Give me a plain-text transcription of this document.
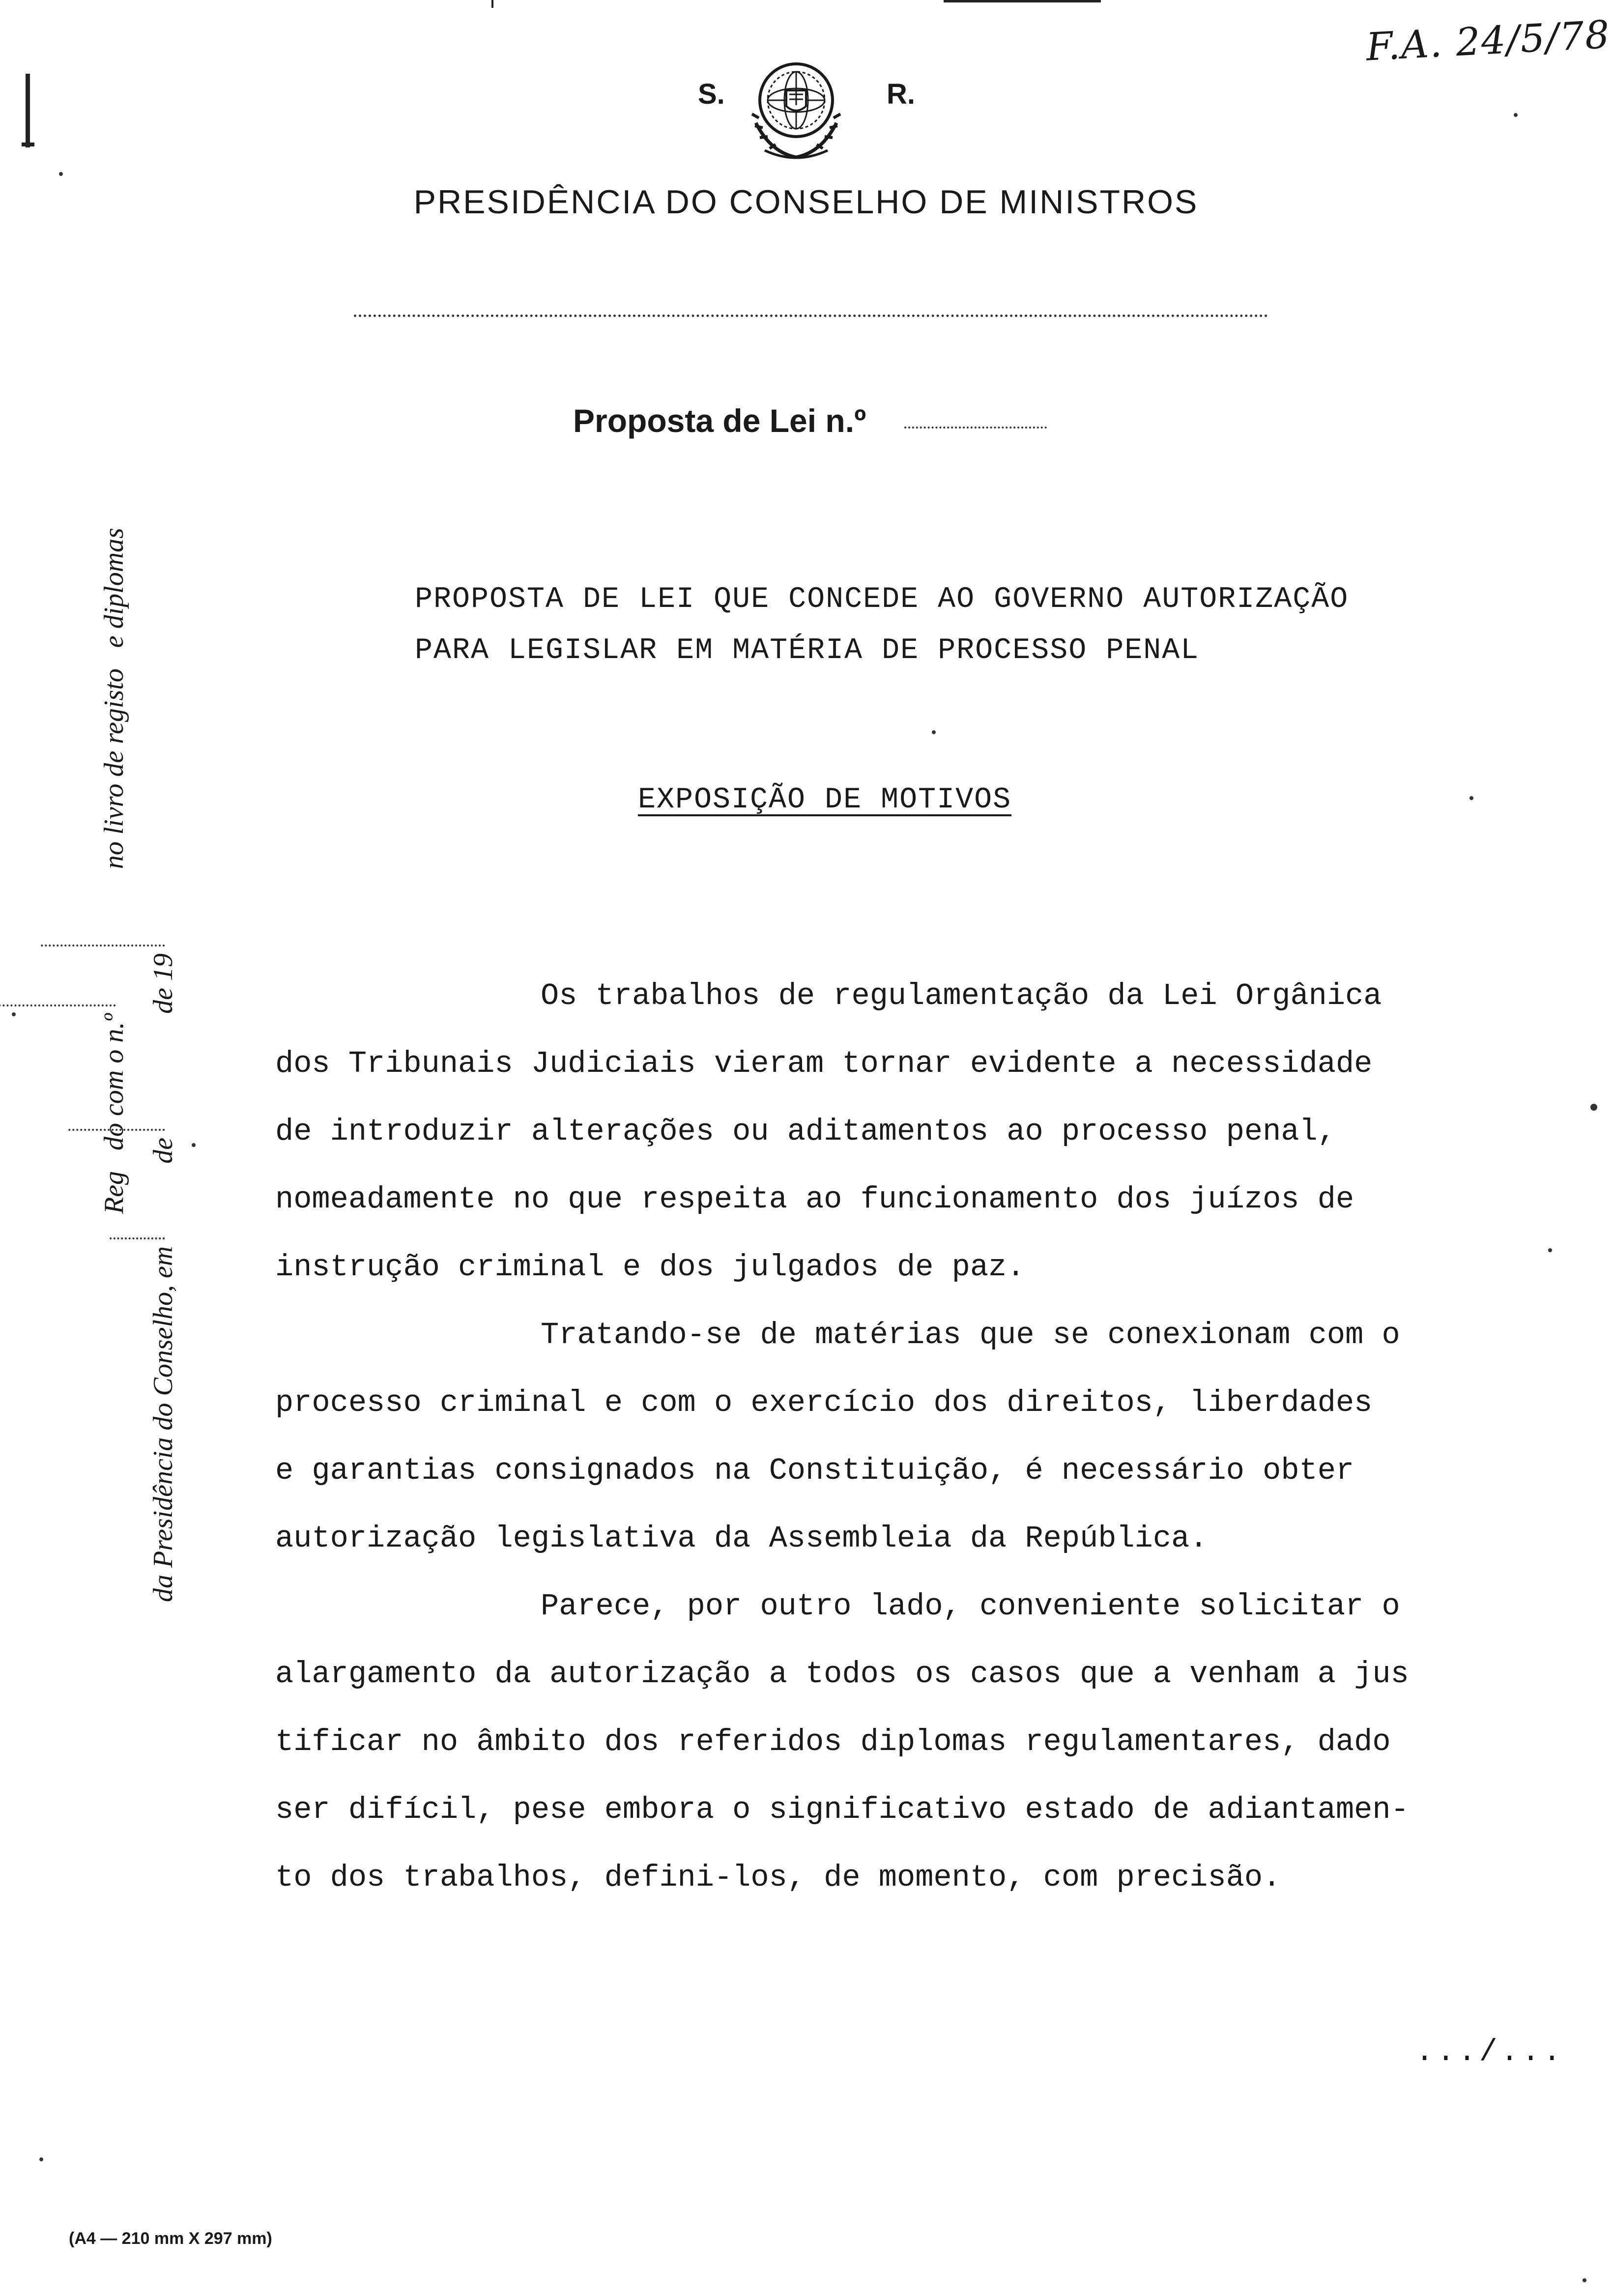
F.A. 24/5/78
S.	R.
PRESIDÊNCIA DO CONSELHO DE MINISTROS
Proposta de Lei n.º
PROPOSTA DE LEI QUE CONCEDE AO GOVERNO AUTORIZAÇÃO
PARA LEGISLAR EM MATÉRIA DE PROCESSO PENAL
EXPOSIÇÃO DE MOTIVOS
Os trabalhos de regulamentação da Lei Orgânica
dos Tribunais Judiciais vieram tornar evidente a necessidade
de introduzir alterações ou aditamentos ao processo penal,
nomeadamente no que respeita ao funcionamento dos juízos de
instrução criminal e dos julgados de paz.
Tratando-se de matérias que se conexionam com o
processo criminal e com o exercício dos direitos, liberdades
e garantias consignados na Constituição, é necessário obter
autorização legislativa da Assembleia da República.
Parece, por outro lado, conveniente solicitar o
alargamento da autorização a todos os casos que a venham a jus
tificar no âmbito dos referidos diplomas regulamentares, dado
ser difícil, pese embora o significativo estado de adiantamen-
to dos trabalhos, defini-los, de momento, com precisão.
.../...
Reg   do com o n.º                     no livro de registo   e diplomas
da Presidência do Conselho, em            de                  de 19
(A4 — 210 mm X 297 mm)
